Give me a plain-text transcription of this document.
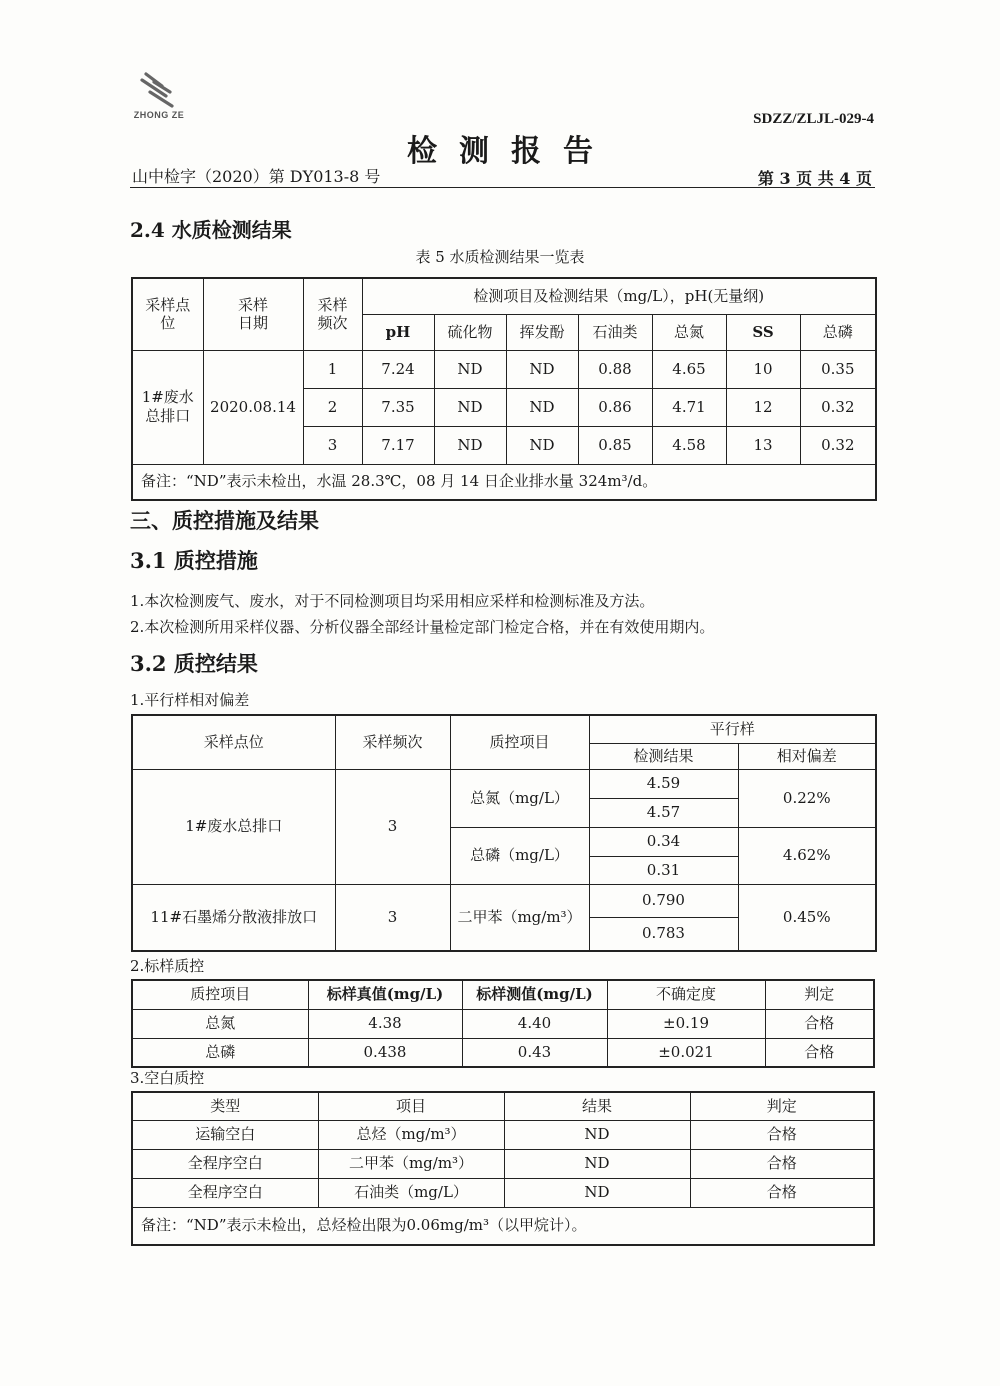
ZHONG ZE	SDZZ/ZLJL-029-4
检测报告
山中检字（2020）第 DY013-8 号	第 3 页 共 4 页
2.4 水质检测结果
表 5 水质检测结果一览表
采样点位	采样日期	采样频次	检测项目及检测结果（mg/L），pH(无量纲)						
			pH	硫化物	挥发酚	石油类	总氮	SS	总磷
1#废水总排口	2020.08.14	1	7.24	ND	ND	0.88	4.65	10	0.35
		2	7.35	ND	ND	0.86	4.71	12	0.32
		3	7.17	ND	ND	0.85	4.58	13	0.32
备注：“ND”表示未检出，水温 28.3℃，08 月 14 日企业排水量 324m³/d。									
三、质控措施及结果
3.1 质控措施
1.本次检测废气、废水，对于不同检测项目均采用相应采样和检测标准及方法。
2.本次检测所用采样仪器、分析仪器全部经计量检定部门检定合格，并在有效使用期内。
3.2 质控结果
1.平行样相对偏差
采样点位	采样频次	质控项目	平行样	
			检测结果	相对偏差
1#废水总排口	3	总氮（mg/L）	4.59	0.22%
			4.57	
		总磷（mg/L）	0.34	4.62%
			0.31	
11#石墨烯分散液排放口	3	二甲苯（mg/m³）	0.790	0.45%
			0.783	
2.标样质控
质控项目	标样真值(mg/L)	标样测值(mg/L)	不确定度	判定
总氮	4.38	4.40	±0.19	合格
总磷	0.438	0.43	±0.021	合格
3.空白质控
类型	项目	结果	判定
运输空白	总烃（mg/m³）	ND	合格
全程序空白	二甲苯（mg/m³）	ND	合格
全程序空白	石油类（mg/L）	ND	合格
备注：“ND”表示未检出，总烃检出限为0.06mg/m³（以甲烷计）。			
